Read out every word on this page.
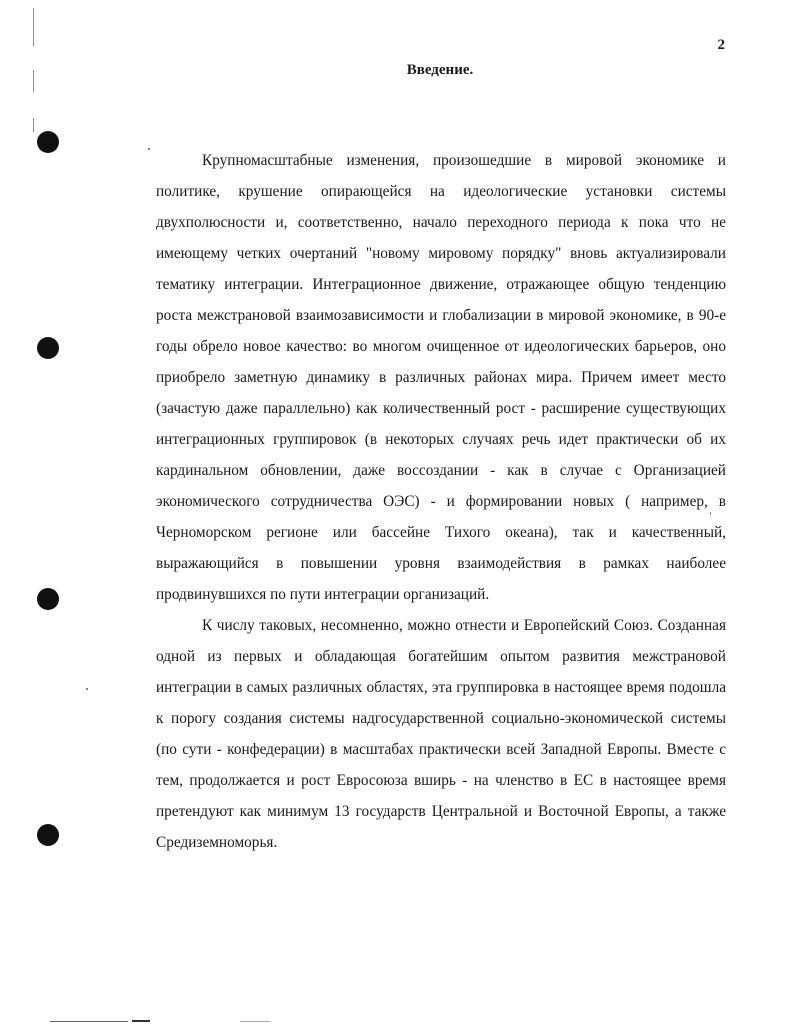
2
Введение.

Крупномасштабные изменения, произошедшие в мировой экономике и политике, крушение опирающейся на идеологические установки системы двухполюсности и, соответственно, начало переходного периода к пока что не имеющему четких очертаний "новому мировому порядку" вновь актуализировали тематику интеграции. Интеграционное движение, отражающее общую тенденцию роста межстрановой взаимозависимости и глобализации в мировой экономике, в 90-е годы обрело новое качество: во многом очищенное от идеологических барьеров, оно приобрело заметную динамику в различных районах мира. Причем имеет место (зачастую даже параллельно) как количественный рост - расширение существующих интеграционных группировок (в некоторых случаях речь идет практически об их кардинальном обновлении, даже воссоздании - как в случае с Организацией экономического сотрудничества ОЭС) - и формировании новых ( например, в Черноморском регионе или бассейне Тихого океана), так и качественный, выражающийся в повышении уровня взаимодействия в рамках наиболее продвинувшихся по пути интеграции организаций.

К числу таковых, несомненно, можно отнести и Европейский Союз. Созданная одной из первых и обладающая богатейшим опытом развития межстрановой интеграции в самых различных областях, эта группировка в настоящее время подошла к порогу создания системы надгосударственной социально-экономической системы (по сути - конфедерации) в масштабах практически всей Западной Европы. Вместе с тем, продолжается и рост Евросоюза вширь - на членство в ЕС в настоящее время претендуют как минимум 13 государств Центральной и Восточной Европы, а также Средиземноморья.
